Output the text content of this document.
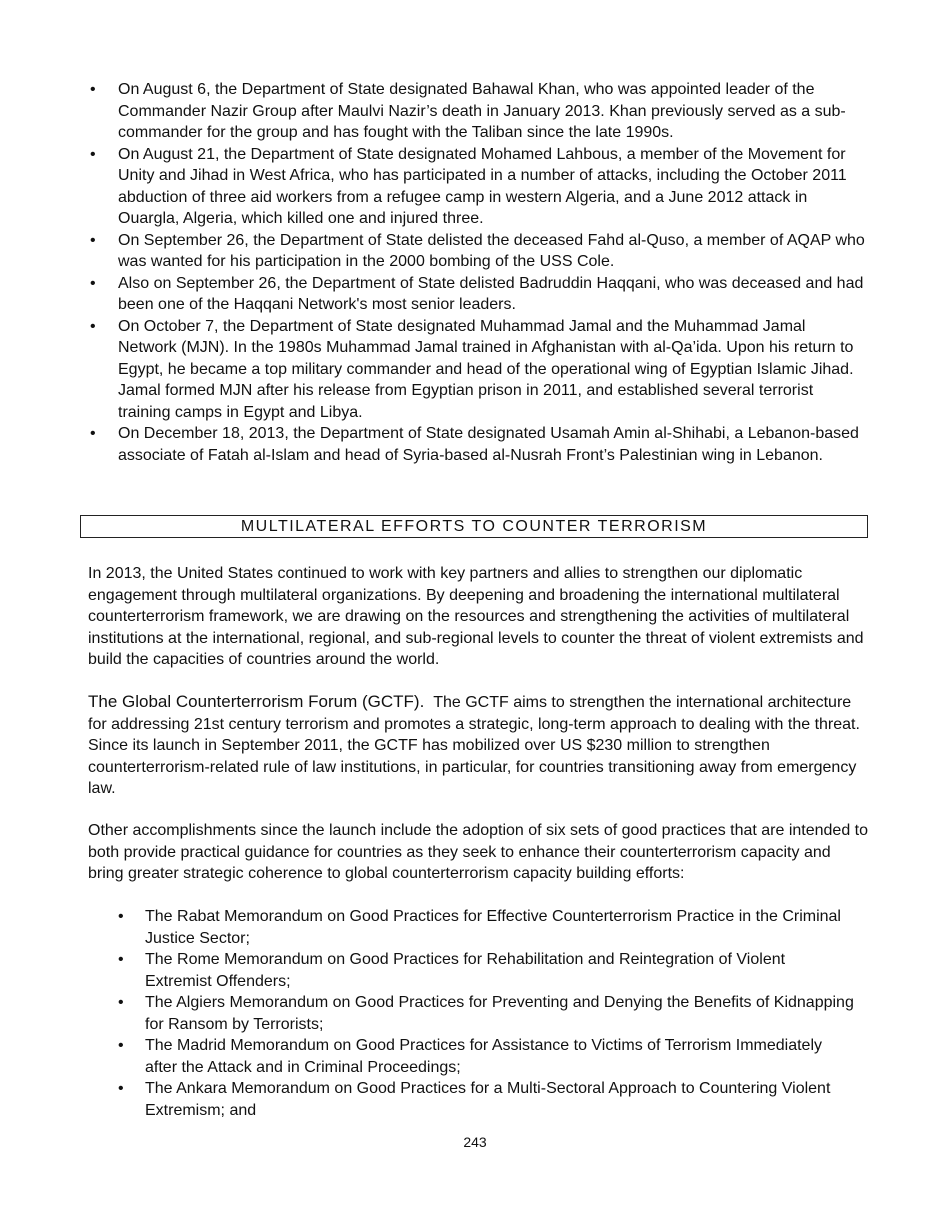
• On August 6, the Department of State designated Bahawal Khan, who was appointed leader of the Commander Nazir Group after Maulvi Nazir’s death in January 2013. Khan previously served as a sub-commander for the group and has fought with the Taliban since the late 1990s.
• On August 21, the Department of State designated Mohamed Lahbous, a member of the Movement for Unity and Jihad in West Africa, who has participated in a number of attacks, including the October 2011 abduction of three aid workers from a refugee camp in western Algeria, and a June 2012 attack in Ouargla, Algeria, which killed one and injured three.
• On September 26, the Department of State delisted the deceased Fahd al-Quso, a member of AQAP who was wanted for his participation in the 2000 bombing of the USS Cole.
• Also on September 26, the Department of State delisted Badruddin Haqqani, who was deceased and had been one of the Haqqani Network's most senior leaders.
• On October 7, the Department of State designated Muhammad Jamal and the Muhammad Jamal Network (MJN). In the 1980s Muhammad Jamal trained in Afghanistan with al-Qa’ida. Upon his return to Egypt, he became a top military commander and head of the operational wing of Egyptian Islamic Jihad. Jamal formed MJN after his release from Egyptian prison in 2011, and established several terrorist training camps in Egypt and Libya.
• On December 18, 2013, the Department of State designated Usamah Amin al-Shihabi, a Lebanon-based associate of Fatah al-Islam and head of Syria-based al-Nusrah Front’s Palestinian wing in Lebanon.
MULTILATERAL EFFORTS TO COUNTER TERRORISM

In 2013, the United States continued to work with key partners and allies to strengthen our diplomatic engagement through multilateral organizations. By deepening and broadening the international multilateral counterterrorism framework, we are drawing on the resources and strengthening the activities of multilateral institutions at the international, regional, and sub-regional levels to counter the threat of violent extremists and build the capacities of countries around the world.

The Global Counterterrorism Forum (GCTF). The GCTF aims to strengthen the international architecture for addressing 21st century terrorism and promotes a strategic, long-term approach to dealing with the threat. Since its launch in September 2011, the GCTF has mobilized over US $230 million to strengthen counterterrorism-related rule of law institutions, in particular, for countries transitioning away from emergency law.

Other accomplishments since the launch include the adoption of six sets of good practices that are intended to both provide practical guidance for countries as they seek to enhance their counterterrorism capacity and bring greater strategic coherence to global counterterrorism capacity building efforts:

• The Rabat Memorandum on Good Practices for Effective Counterterrorism Practice in the Criminal Justice Sector;
• The Rome Memorandum on Good Practices for Rehabilitation and Reintegration of Violent Extremist Offenders;
• The Algiers Memorandum on Good Practices for Preventing and Denying the Benefits of Kidnapping for Ransom by Terrorists;
• The Madrid Memorandum on Good Practices for Assistance to Victims of Terrorism Immediately after the Attack and in Criminal Proceedings;
• The Ankara Memorandum on Good Practices for a Multi-Sectoral Approach to Countering Violent Extremism; and
243
